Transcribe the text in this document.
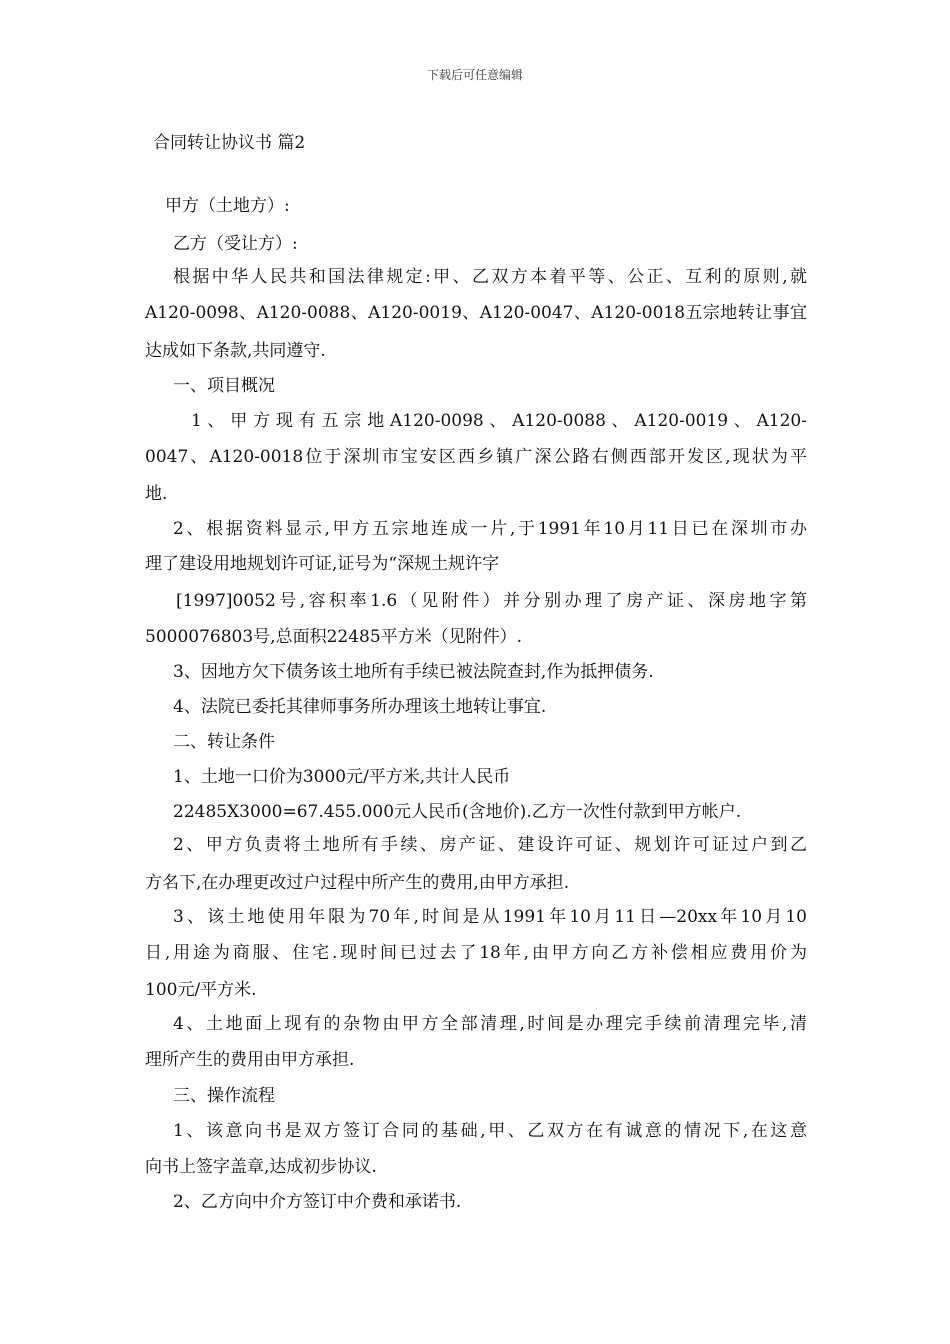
下载后可任意编辑
合同转让协议书 篇2
甲方（土地方）:
乙方（受让方）:
根据中华人民共和国法律规定:甲、乙双方本着平等、公正、互利的原则,就
A120-0098、A120-0088、A120-0019、A120-0047、A120-0018五宗地转让事宜
达成如下条款,共同遵守.
一、项目概况
1 、 甲 方 现 有 五 宗 地 A120-0098 、 A120-0088 、 A120-0019 、 A120-
0047、A120-0018位于深圳市宝安区西乡镇广深公路右侧西部开发区,现状为平
地.
2、根据资料显示,甲方五宗地连成一片,于1991年10月11日已在深圳市办
理了建设用地规划许可证,证号为“深规土规许字
[1997]0052号,容积率1.6（见附件）并分别办理了房产证、深房地字第
5000076803号,总面积22485平方米（见附件）.
3、因地方欠下债务该土地所有手续已被法院查封,作为抵押债务.
4、法院已委托其律师事务所办理该土地转让事宜.
二、转让条件
1、土地一口价为3000元/平方米,共计人民币
22485X3000=67.455.000元人民币(含地价).乙方一次性付款到甲方帐户.
2、甲方负责将土地所有手续、房产证、建设许可证、规划许可证过户到乙
方名下,在办理更改过户过程中所产生的费用,由甲方承担.
3、该土地使用年限为70年,时间是从1991年10月11日—20xx年10月10
日,用途为商服、住宅.现时间已过去了18年,由甲方向乙方补偿相应费用价为
100元/平方米.
4、土地面上现有的杂物由甲方全部清理,时间是办理完手续前清理完毕,清
理所产生的费用由甲方承担.
三、操作流程
1、该意向书是双方签订合同的基础,甲、乙双方在有诚意的情况下,在这意
向书上签字盖章,达成初步协议.
2、乙方向中介方签订中介费和承诺书.
